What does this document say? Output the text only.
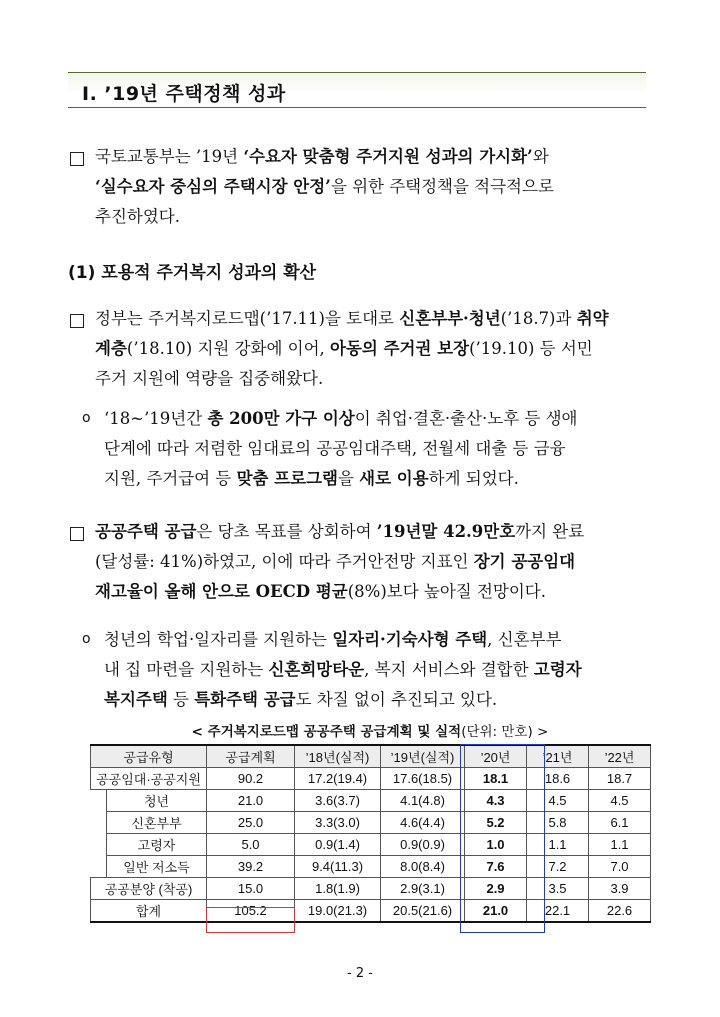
Ⅰ. ’19년 주택정책 성과
국토교통부는 ’19년 ‘수요자 맞춤형 주거지원 성과의 가시화’와
‘실수요자 중심의 주택시장 안정’을 위한 주택정책을 적극적으로
추진하였다.
(1) 포용적 주거복지 성과의 확산
정부는 주거복지로드맵(’17.11)을 토대로 신혼부부·청년(’18.7)과 취약
계층(’18.10) 지원 강화에 이어, 아동의 주거권 보장(’19.10) 등 서민
주거 지원에 역량을 집중해왔다.
o ‘18~’19년간 총 200만 가구 이상이 취업·결혼·출산·노후 등 생애
단계에 따라 저렴한 임대료의 공공임대주택, 전월세 대출 등 금융
지원, 주거급여 등 맞춤 프로그램을 새로 이용하게 되었다.
공공주택 공급은 당초 목표를 상회하여 ’19년말 42.9만호까지 완료
(달성률: 41%)하였고, 이에 따라 주거안전망 지표인 장기 공공임대
재고율이 올해 안으로 OECD 평균(8%)보다 높아질 전망이다.
o 청년의 학업·일자리를 지원하는 일자리·기숙사형 주택, 신혼부부
내 집 마련을 지원하는 신혼희망타운, 복지 서비스와 결합한 고령자
복지주택 등 특화주택 공급도 차질 없이 추진되고 있다.
< 주거복지로드맵 공공주택 공급계획 및 실적(단위: 만호) >
공급유형		공급계획	’18년(실적)	’19년(실적)	’20년	’21년	’22년
공공임대·공공지원		90.2	17.2(19.4)	17.6(18.5)	18.1	18.6	18.7
	청년	21.0	3.6(3.7)	4.1(4.8)	4.3	4.5	4.5
	신혼부부	25.0	3.3(3.0)	4.6(4.4)	5.2	5.8	6.1
	고령자	5.0	0.9(1.4)	0.9(0.9)	1.0	1.1	1.1
	일반 저소득	39.2	9.4(11.3)	8.0(8.4)	7.6	7.2	7.0
공공분양 (착공)		15.0	1.8(1.9)	2.9(3.1)	2.9	3.5	3.9
합계		105.2	19.0(21.3)	20.5(21.6)	21.0	22.1	22.6
- 2 -
